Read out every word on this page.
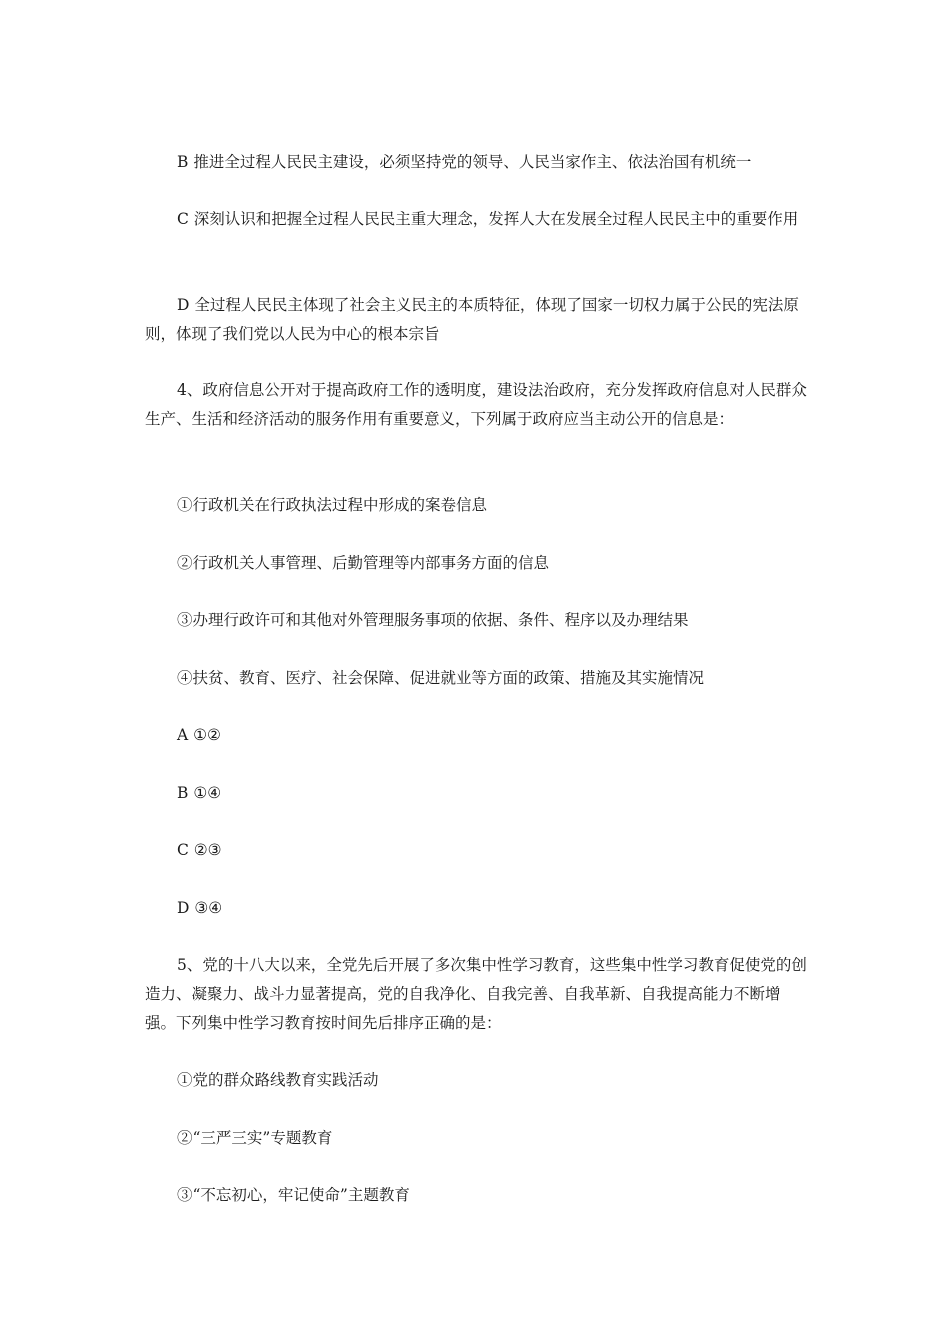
B 推进全过程人民民主建设，必须坚持党的领导、人民当家作主、依法治国有机统一

C 深刻认识和把握全过程人民民主重大理念，发挥人大在发展全过程人民民主中的重要作用

D 全过程人民民主体现了社会主义民主的本质特征，体现了国家一切权力属于公民的宪法原则，体现了我们党以人民为中心的根本宗旨

4、政府信息公开对于提高政府工作的透明度，建设法治政府，充分发挥政府信息对人民群众生产、生活和经济活动的服务作用有重要意义，下列属于政府应当主动公开的信息是：

①行政机关在行政执法过程中形成的案卷信息

②行政机关人事管理、后勤管理等内部事务方面的信息

③办理行政许可和其他对外管理服务事项的依据、条件、程序以及办理结果

④扶贫、教育、医疗、社会保障、促进就业等方面的政策、措施及其实施情况

A ①②

B ①④

C ②③

D ③④

5、党的十八大以来，全党先后开展了多次集中性学习教育，这些集中性学习教育促使党的创造力、凝聚力、战斗力显著提高，党的自我净化、自我完善、自我革新、自我提高能力不断增强。下列集中性学习教育按时间先后排序正确的是：

①党的群众路线教育实践活动

②“三严三实”专题教育

③“不忘初心，牢记使命”主题教育
